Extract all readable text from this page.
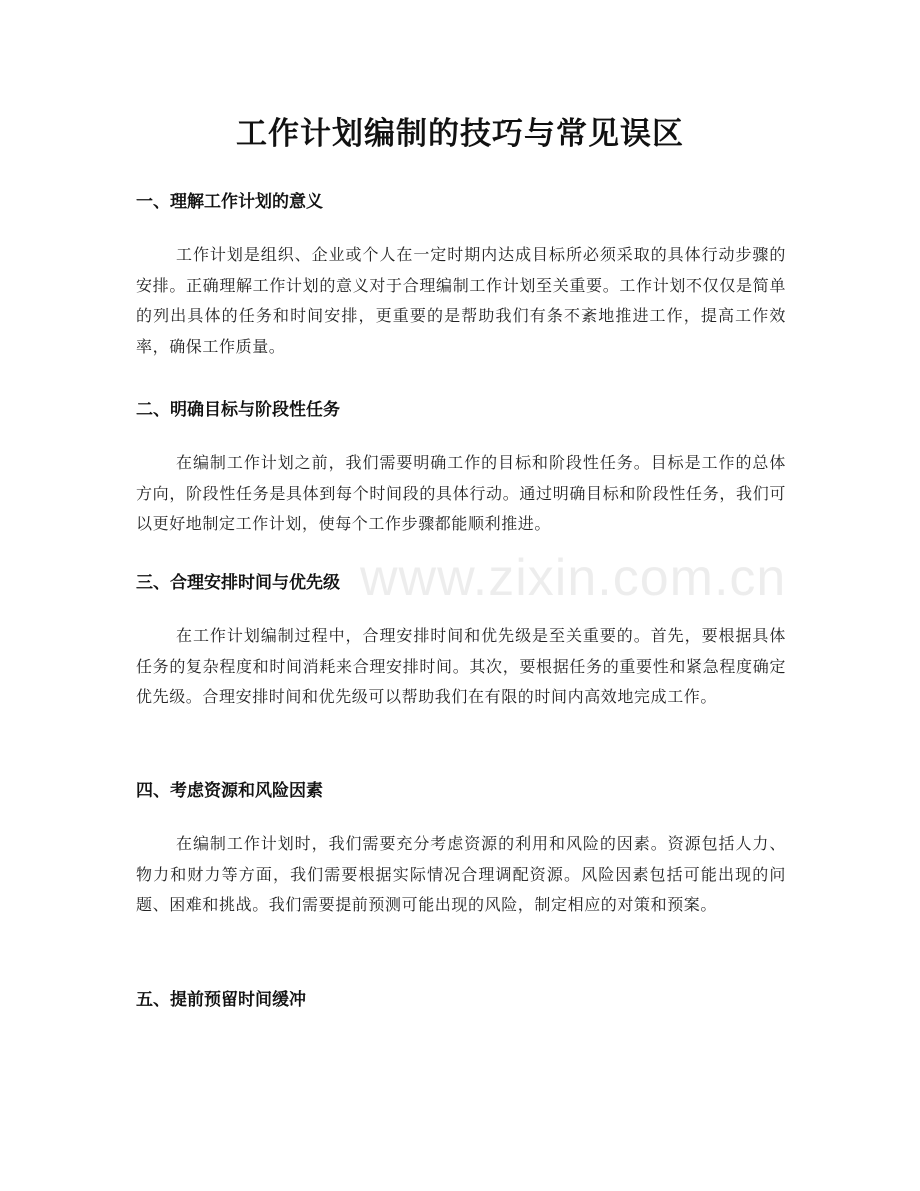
工作计划编制的技巧与常见误区
www.zixin.com.cn
一、理解工作计划的意义

工作计划是组织、企业或个人在一定时期内达成目标所必须采取的具体行动步骤的安排。正确理解工作计划的意义对于合理编制工作计划至关重要。工作计划不仅仅是简单的列出具体的任务和时间安排，更重要的是帮助我们有条不紊地推进工作，提高工作效率，确保工作质量。

二、明确目标与阶段性任务

在编制工作计划之前，我们需要明确工作的目标和阶段性任务。目标是工作的总体方向，阶段性任务是具体到每个时间段的具体行动。通过明确目标和阶段性任务，我们可以更好地制定工作计划，使每个工作步骤都能顺利推进。

三、合理安排时间与优先级

在工作计划编制过程中，合理安排时间和优先级是至关重要的。首先，要根据具体任务的复杂程度和时间消耗来合理安排时间。其次，要根据任务的重要性和紧急程度确定优先级。合理安排时间和优先级可以帮助我们在有限的时间内高效地完成工作。

四、考虑资源和风险因素

在编制工作计划时，我们需要充分考虑资源的利用和风险的因素。资源包括人力、物力和财力等方面，我们需要根据实际情况合理调配资源。风险因素包括可能出现的问题、困难和挑战。我们需要提前预测可能出现的风险，制定相应的对策和预案。

五、提前预留时间缓冲
